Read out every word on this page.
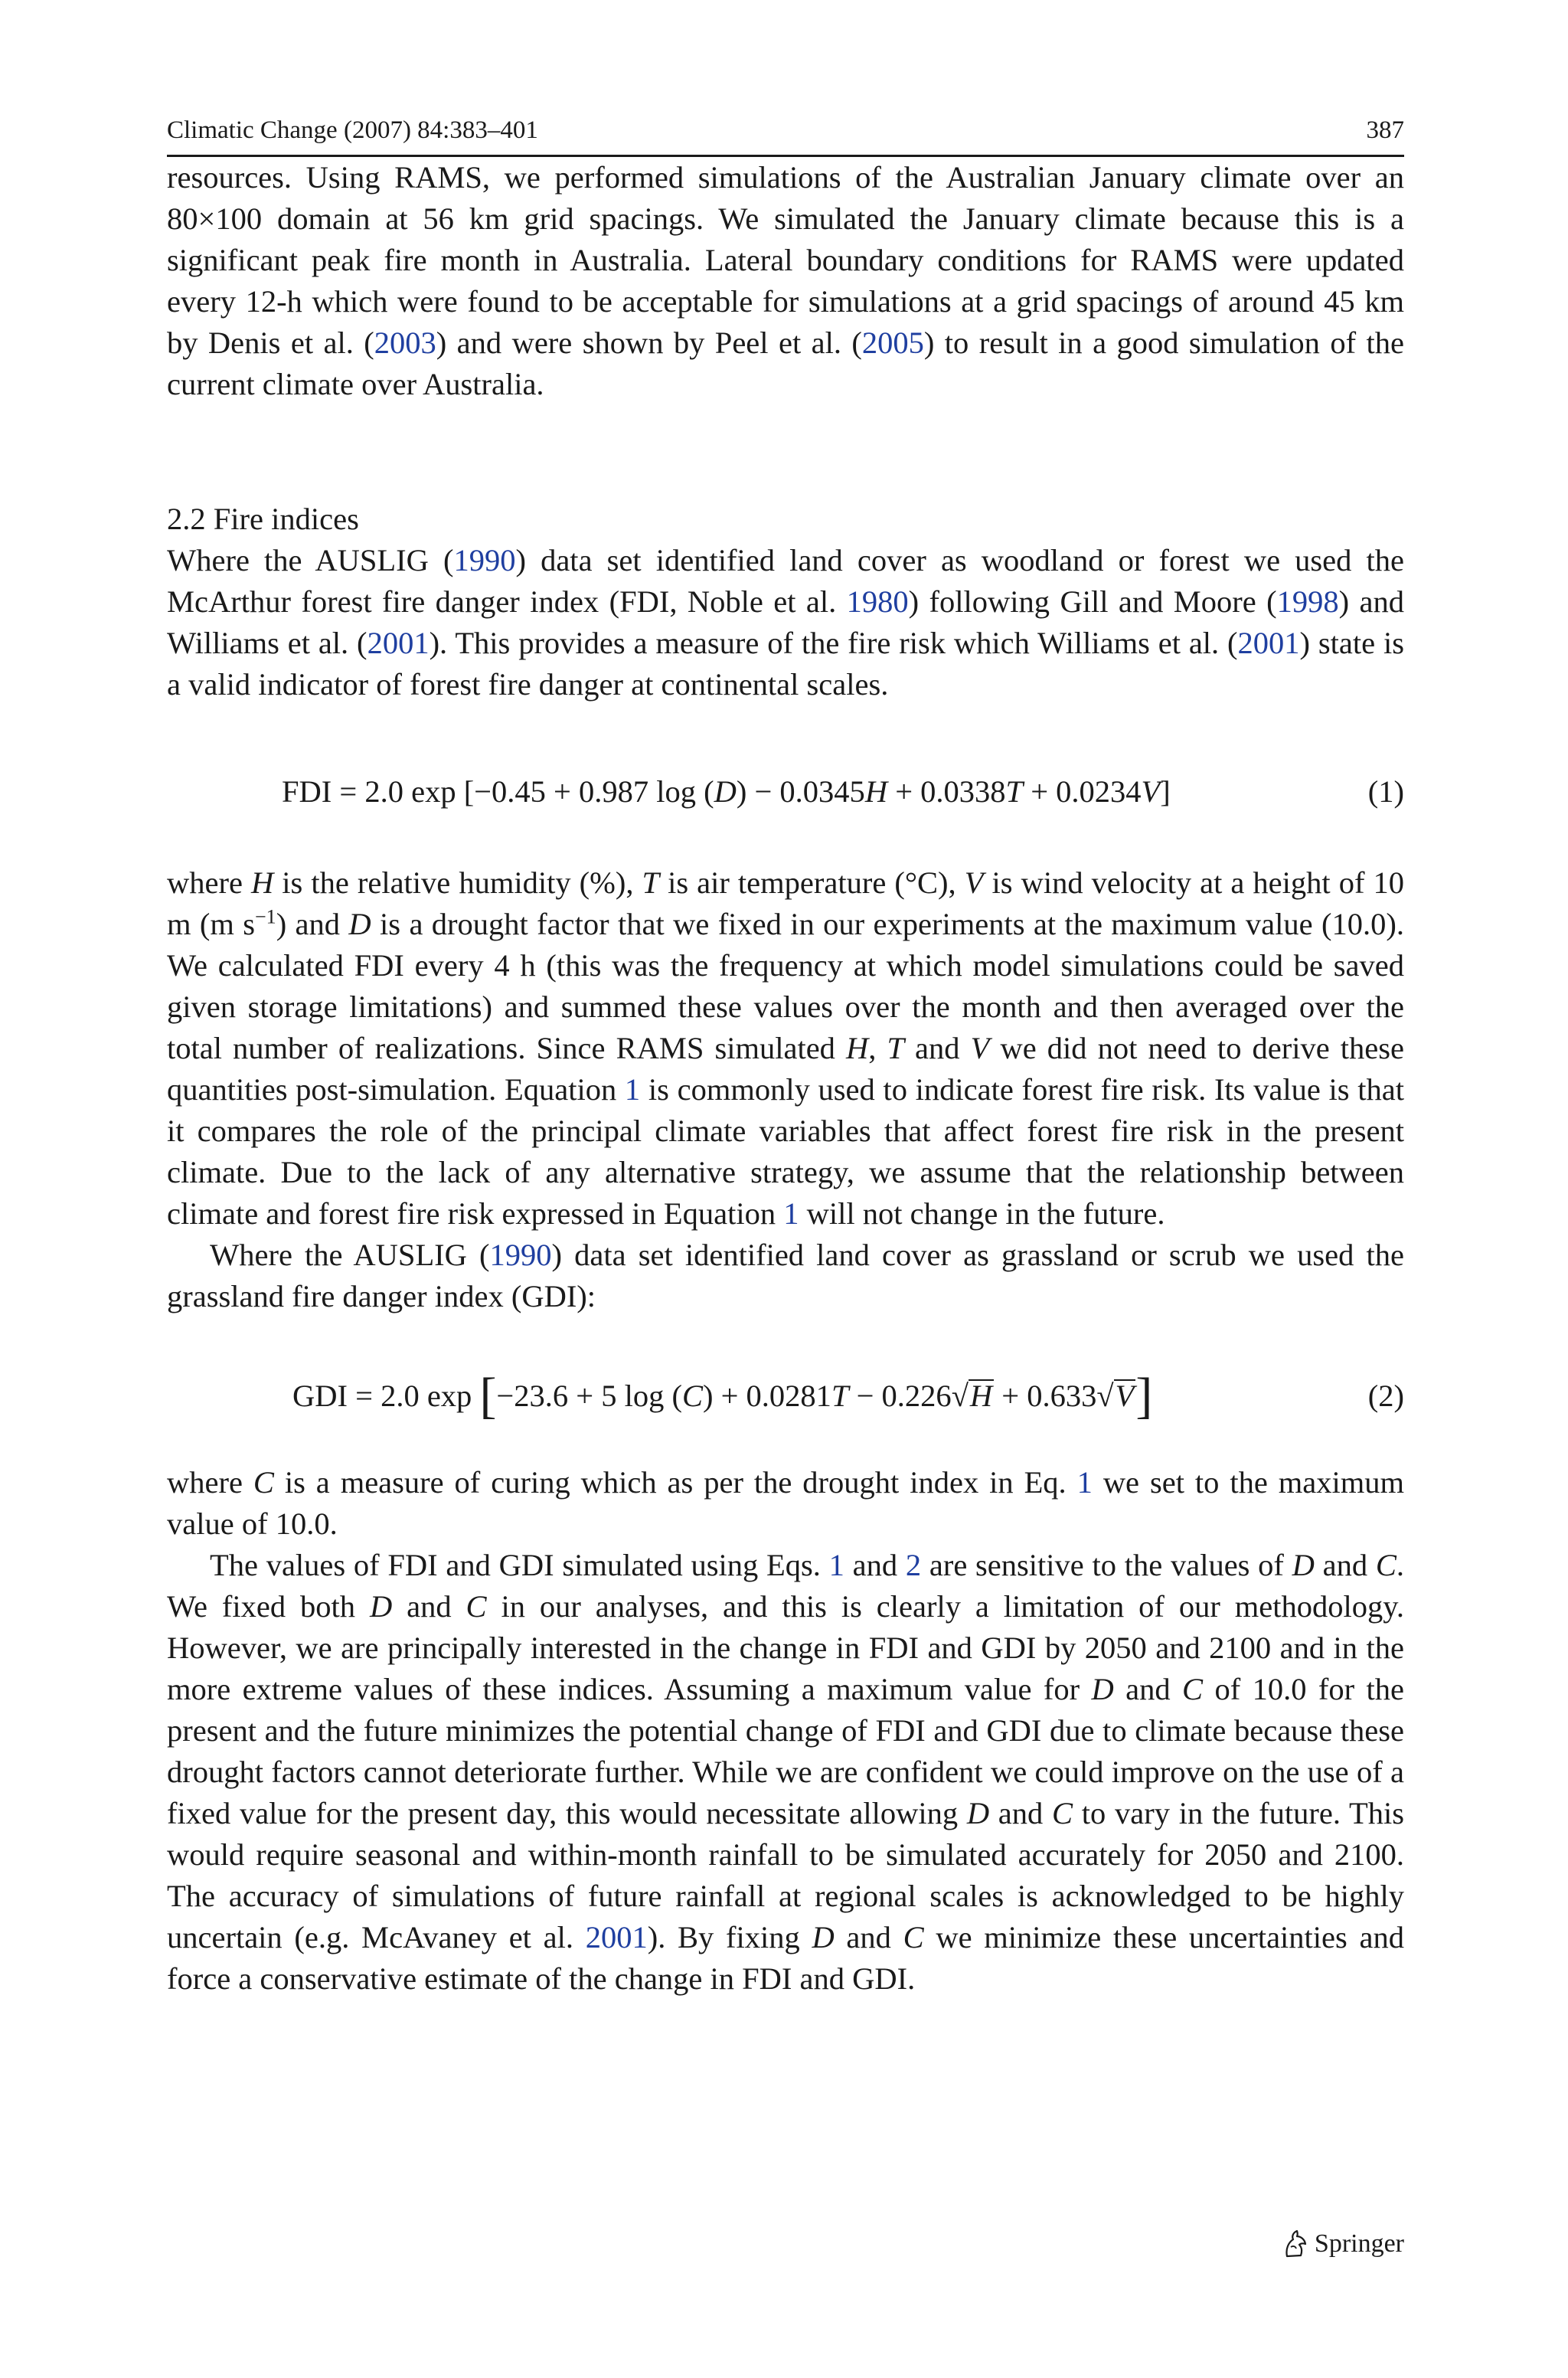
Climatic Change (2007) 84:383–401	387

resources. Using RAMS, we performed simulations of the Australian January climate over an 80×100 domain at 56 km grid spacings. We simulated the January climate because this is a significant peak fire month in Australia. Lateral boundary conditions for RAMS were updated every 12-h which were found to be acceptable for simulations at a grid spacings of around 45 km by Denis et al. (2003) and were shown by Peel et al. (2005) to result in a good simulation of the current climate over Australia.

2.2 Fire indices

Where the AUSLIG (1990) data set identified land cover as woodland or forest we used the McArthur forest fire danger index (FDI, Noble et al. 1980) following Gill and Moore (1998) and Williams et al. (2001). This provides a measure of the fire risk which Williams et al. (2001) state is a valid indicator of forest fire danger at continental scales.

FDI = 2.0 exp [−0.45 + 0.987 log (D) − 0.0345H + 0.0338T + 0.0234V]	(1)

where H is the relative humidity (%), T is air temperature (°C), V is wind velocity at a height of 10 m (m $s^{-1}$) and D is a drought factor that we fixed in our experiments at the maximum value (10.0). We calculated FDI every 4 h (this was the frequency at which model simulations could be saved given storage limitations) and summed these values over the month and then averaged over the total number of realizations. Since RAMS simulated H, T and V we did not need to derive these quantities post-simulation. Equation 1 is commonly used to indicate forest fire risk. Its value is that it compares the role of the principal climate variables that affect forest fire risk in the present climate. Due to the lack of any alternative strategy, we assume that the relationship between climate and forest fire risk expressed in Equation 1 will not change in the future.

Where the AUSLIG (1990) data set identified land cover as grassland or scrub we used the grassland fire danger index (GDI):

GDI = 2.0 exp [−23.6 + 5 log (C) + 0.0281T − 0.226√H + 0.633√V]	(2)

where C is a measure of curing which as per the drought index in Eq. 1 we set to the maximum value of 10.0.

The values of FDI and GDI simulated using Eqs. 1 and 2 are sensitive to the values of D and C. We fixed both D and C in our analyses, and this is clearly a limitation of our methodology. However, we are principally interested in the change in FDI and GDI by 2050 and 2100 and in the more extreme values of these indices. Assuming a maximum value for D and C of 10.0 for the present and the future minimizes the potential change of FDI and GDI due to climate because these drought factors cannot deteriorate further. While we are confident we could improve on the use of a fixed value for the present day, this would necessitate allowing D and C to vary in the future. This would require seasonal and within-month rainfall to be simulated accurately for 2050 and 2100. The accuracy of simulations of future rainfall at regional scales is acknowledged to be highly uncertain (e.g. McAvaney et al. 2001). By fixing D and C we minimize these uncertainties and force a conservative estimate of the change in FDI and GDI.

Springer
